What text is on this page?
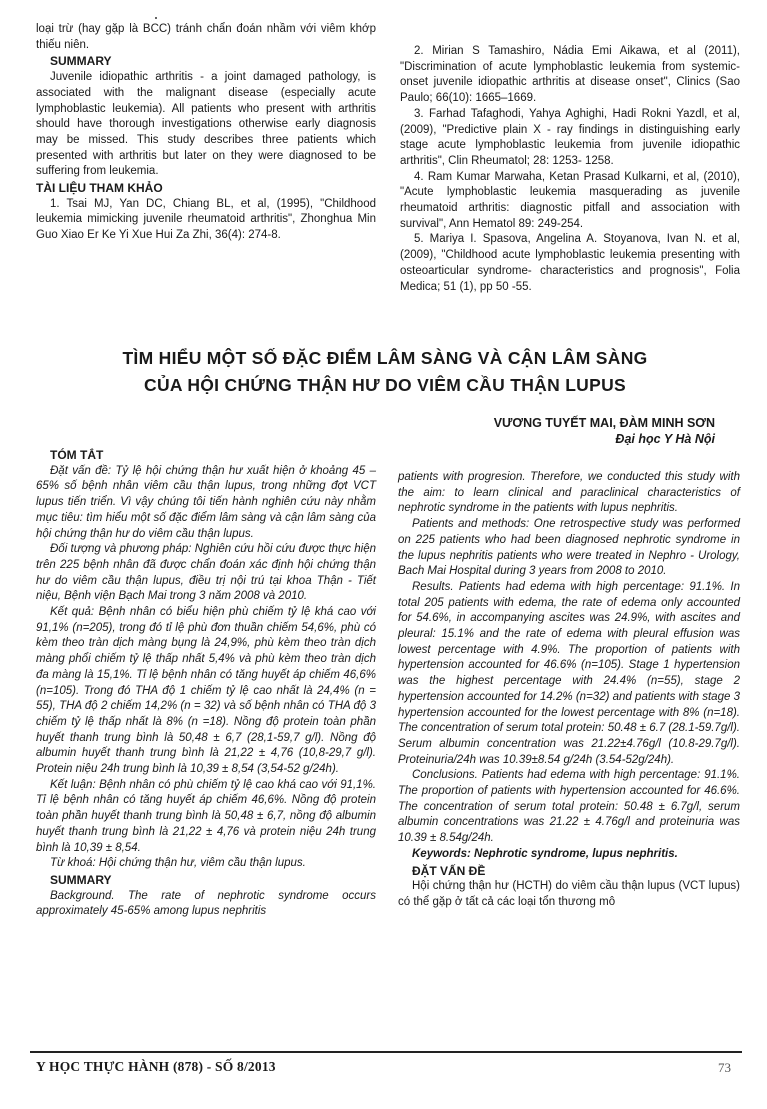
loại trừ (hay gặp là BCC) tránh chẩn đoán nhầm với viêm khớp thiếu niên.

SUMMARY

Juvenile idiopathic arthritis - a joint damaged pathology, is associated with the malignant disease (especially acute lymphoblastic leukemia). All patients who present with arthritis should have thorough investigations otherwise early diagnosis may be missed. This study describes three patients which presented with arthritis but later on they were diagnosed to be suffering from leukemia.

TÀI LIỆU THAM KHẢO

1. Tsai MJ, Yan DC, Chiang BL, et al, (1995), "Childhood leukemia mimicking juvenile rheumatoid arthritis", Zhonghua Min Guo Xiao Er Ke Yi Xue Hui Za Zhi, 36(4): 274-8.

2. Mirian S Tamashiro, Nádia Emi Aikawa, et al (2011), "Discrimination of acute lymphoblastic leukemia from systemic-onset juvenile idiopathic arthritis at disease onset", Clinics (Sao Paulo; 66(10): 1665–1669.

3. Farhad Tafaghodi, Yahya Aghighi, Hadi Rokni Yazdl, et al, (2009), "Predictive plain X - ray findings in distinguishing early stage acute lymphoblastic leukemia from juvenile idiopathic arthritis", Clin Rheumatol; 28: 1253- 1258.

4. Ram Kumar Marwaha, Ketan Prasad Kulkarni, et al, (2010), "Acute lymphoblastic leukemia masquerading as juvenile rheumatoid arthritis: diagnostic pitfall and association with survival", Ann Hematol 89: 249-254.

5. Mariya I. Spasova, Angelina A. Stoyanova, Ivan N. et al, (2009), "Childhood acute lymphoblastic leukemia presenting with osteoarticular syndrome- characteristics and prognosis", Folia Medica; 51 (1), pp 50 -55.

TÌM HIỂU MỘT SỐ ĐẶC ĐIỂM LÂM SÀNG VÀ CẬN LÂM SÀNG
CỦA HỘI CHỨNG THẬN HƯ DO VIÊM CẦU THẬN LUPUS
VƯƠNG TUYẾT MAI, ĐÀM MINH SƠN
Đại học Y Hà Nội
TÓM TẮT

Đặt vấn đề: Tỷ lệ hội chứng thận hư xuất hiện ở khoảng 45 – 65% số bệnh nhân viêm cầu thận lupus, trong những đợt VCT lupus tiến triển. Vì vậy chúng tôi tiến hành nghiên cứu này nhằm mục tiêu: tìm hiểu một số đặc điểm lâm sàng và cận lâm sàng của hội chứng thận hư do viêm cầu thận lupus.

Đối tượng và phương pháp: Nghiên cứu hồi cứu được thực hiện trên 225 bệnh nhân đã được chẩn đoán xác định hội chứng thận hư do viêm cầu thận lupus, điều trị nội trú tại khoa Thận - Tiết niệu, Bệnh viện Bạch Mai trong 3 năm 2008 và 2010.

Kết quả: Bệnh nhân có biểu hiện phù chiếm tỷ lệ khá cao với 91,1% (n=205), trong đó tỉ lệ phù đơn thuần chiếm 54,6%, phù có kèm theo tràn dịch màng bụng là 24,9%, phù kèm theo tràn dịch màng phổi chiếm tỷ lệ thấp nhất 5,4% và phù kèm theo tràn dịch đa màng là 15,1%. Tỉ lệ bệnh nhân có tăng huyết áp chiếm 46,6% (n=105). Trong đó THA độ 1 chiếm tỷ lệ cao nhất là 24,4% (n = 55), THA độ 2 chiếm 14,2% (n = 32) và số bệnh nhân có THA độ 3 chiếm tỷ lệ thấp nhất là 8% (n =18). Nồng độ protein toàn phần huyết thanh trung bình là 50,48 ± 6,7 (28,1-59,7 g/l). Nồng độ albumin huyết thanh trung bình là 21,22 ± 4,76 (10,8-29,7 g/l). Protein niệu 24h trung bình là 10,39 ± 8,54 (3,54-52 g/24h).

Kết luận: Bệnh nhân có phù chiếm tỷ lệ cao khá cao với 91,1%. Tỉ lệ bệnh nhân có tăng huyết áp chiếm 46,6%. Nồng độ protein toàn phần huyết thanh trung bình là 50,48 ± 6,7, nồng độ albumin huyết thanh trung bình là 21,22 ± 4,76 và protein niệu 24h trung bình là 10,39 ± 8,54.

Từ khoá: Hội chứng thận hư, viêm cầu thận lupus.

SUMMARY

Background. The rate of nephrotic syndrome occurs approximately 45-65% among lupus nephritis

patients with progresion. Therefore, we conducted this study with the aim: to learn clinical and paraclinical characteristics of nephrotic syndrome in the patients with lupus nephritis.

Patients and methods: One retrospective study was performed on 225 patients who had been diagnosed nephrotic syndrome in the lupus nephritis patients who were treated in Nephro - Urology, Bach Mai Hospital during 3 years from 2008 to 2010.

Results. Patients had edema with high percentage: 91.1%. In total 205 patients with edema, the rate of edema only accounted for 54.6%, in accompanying ascites was 24.9%, with ascites and pleural: 15.1% and the rate of edema with pleural effusion was lowest percentage with 4.9%. The proportion of patients with hypertension accounted for 46.6% (n=105). Stage 1 hypertension was the highest percentage with 24.4% (n=55), stage 2 hypertension accounted for 14.2% (n=32) and patients with stage 3 hypertension accounted for the lowest percentage with 8% (n=18). The concentration of serum total protein: 50.48 ± 6.7 (28.1-59.7g/l). Serum albumin concentration was 21.22±4.76g/l (10.8-29.7g/l). Proteinuria/24h was 10.39±8.54 g/24h (3.54-52g/24h).

Conclusions. Patients had edema with high percentage: 91.1%. The proportion of patients with hypertension accounted for 46.6%. The concentration of serum total protein: 50.48 ± 6.7g/l, serum albumin concentrations was 21.22 ± 4.76g/l and proteinuria was 10.39 ± 8.54g/24h.

Keywords: Nephrotic syndrome, lupus nephritis.

ĐẶT VẤN ĐỀ

Hội chứng thận hư (HCTH) do viêm cầu thận lupus (VCT lupus) có thể gặp ở tất cả các loại tổn thương mô

Y HỌC THỰC HÀNH (878) - SỐ 8/2013	73
